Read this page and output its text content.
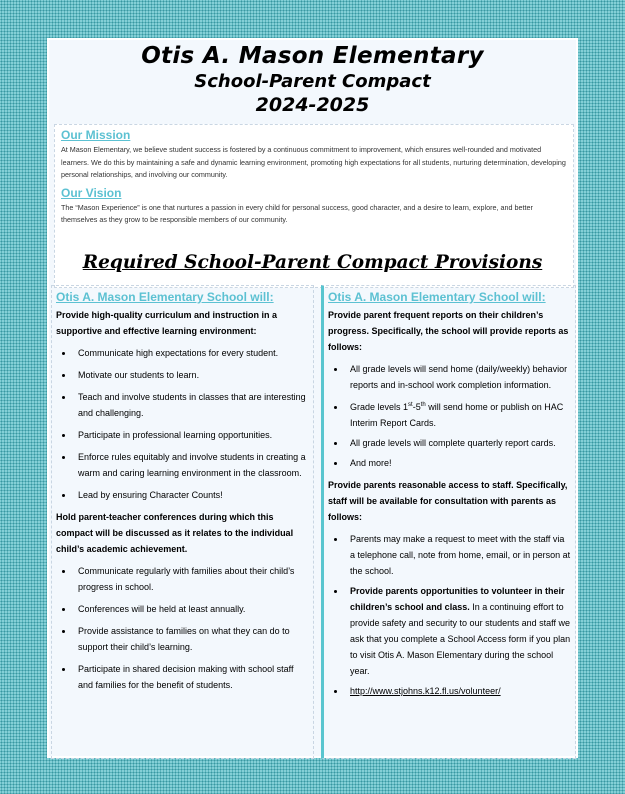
Otis A. Mason Elementary
School-Parent Compact
2024-2025

Our Mission

At Mason Elementary, we believe student success is fostered by a continuous commitment to improvement, which ensures well-rounded and motivated learners. We do this by maintaining a safe and dynamic learning environment, promoting high expectations for all students, nurturing determination, developing personal relationships, and involving our community.

Our Vision

The “Mason Experience” is one that nurtures a passion in every child for personal success, good character, and a desire to learn, explore, and better themselves as they grow to be responsible members of our community.

Required School-Parent Compact Provisions
Otis A. Mason Elementary School will:

Provide high-quality curriculum and instruction in a supportive and effective learning environment:

• Communicate high expectations for every student.
• Motivate our students to learn.
• Teach and involve students in classes that are interesting and challenging.
• Participate in professional learning opportunities.
• Enforce rules equitably and involve students in creating a warm and caring learning environment in the classroom.
• Lead by ensuring Character Counts!

Hold parent-teacher conferences during which this compact will be discussed as it relates to the individual child’s academic achievement.

• Communicate regularly with families about their child’s progress in school.
• Conferences will be held at least annually.
• Provide assistance to families on what they can do to support their child’s learning.
• Participate in shared decision making with school staff and families for the benefit of students.
Otis A. Mason Elementary School will:

Provide parent frequent reports on their children’s progress. Specifically, the school will provide reports as follows:

• All grade levels will send home (daily/weekly) behavior reports and in-school work completion information.
• Grade levels 1st-5th will send home or publish on HAC Interim Report Cards.
• All grade levels will complete quarterly report cards.
• And more!

Provide parents reasonable access to staff. Specifically, staff will be available for consultation with parents as follows:

• Parents may make a request to meet with the staff via a telephone call, note from home, email, or in person at the school.
• Provide parents opportunities to volunteer in their children’s school and class. In a continuing effort to provide safety and security to our students and staff we ask that you complete a School Access form if you plan to visit Otis A. Mason Elementary during the school year.
• http://www.stjohns.k12.fl.us/volunteer/
